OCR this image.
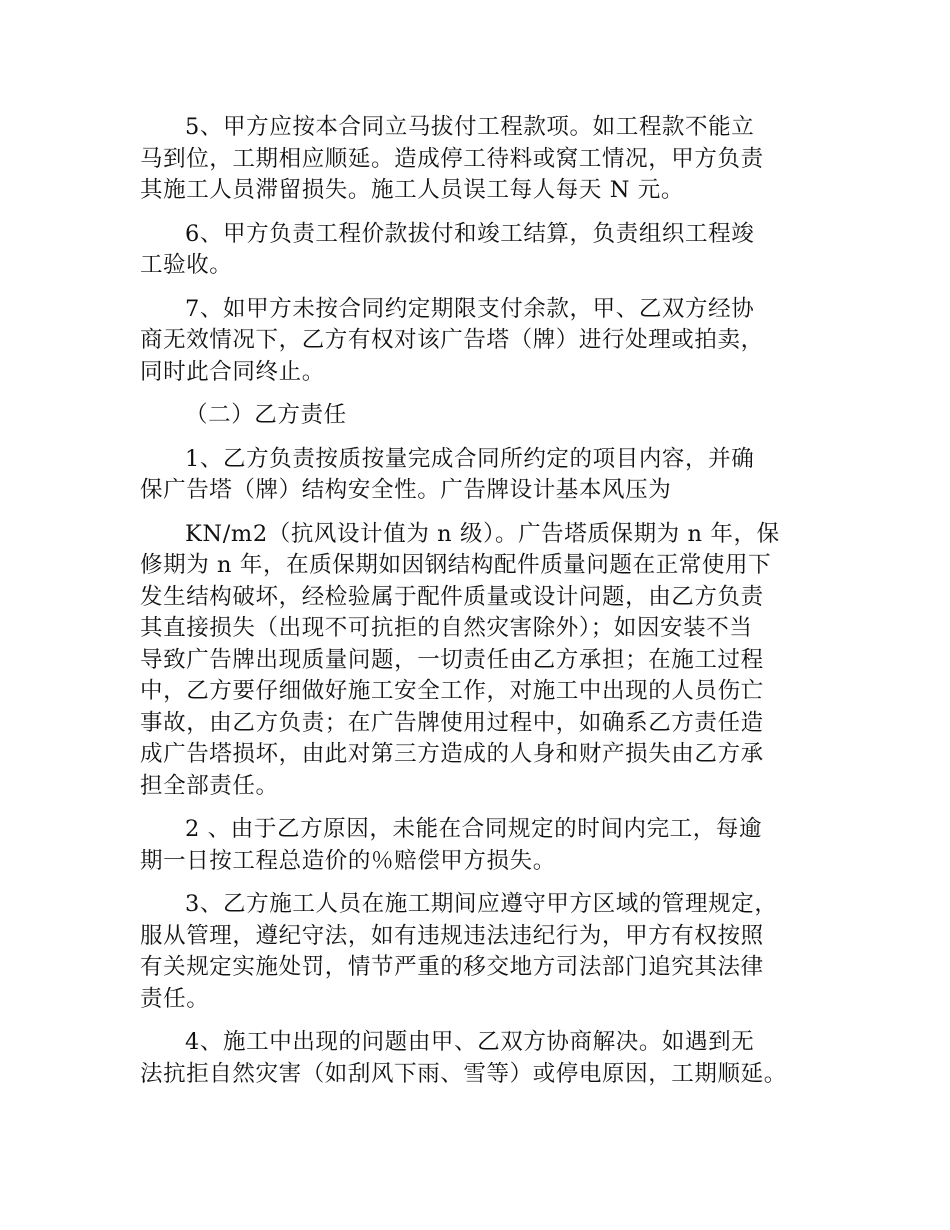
5、甲方应按本合同立马拔付工程款项。如工程款不能立
马到位，工期相应顺延。造成停工待料或窝工情况，甲方负责
其施工人员滞留损失。施工人员误工每人每天 N 元。
6、甲方负责工程价款拔付和竣工结算，负责组织工程竣
工验收。
7、如甲方未按合同约定期限支付余款，甲、乙双方经协
商无效情况下，乙方有权对该广告塔（牌）进行处理或拍卖，
同时此合同终止。
（二）乙方责任
1、乙方负责按质按量完成合同所约定的项目内容，并确
保广告塔（牌）结构安全性。广告牌设计基本风压为
KN/m2（抗风设计值为 n 级）。广告塔质保期为 n 年，保
修期为 n 年，在质保期如因钢结构配件质量问题在正常使用下
发生结构破坏，经检验属于配件质量或设计问题，由乙方负责
其直接损失（出现不可抗拒的自然灾害除外）；如因安装不当
导致广告牌出现质量问题，一切责任由乙方承担；在施工过程
中，乙方要仔细做好施工安全工作，对施工中出现的人员伤亡
事故，由乙方负责；在广告牌使用过程中，如确系乙方责任造
成广告塔损坏，由此对第三方造成的人身和财产损失由乙方承
担全部责任。
2 、由于乙方原因，未能在合同规定的时间内完工，每逾
期一日按工程总造价的％赔偿甲方损失。
3、乙方施工人员在施工期间应遵守甲方区域的管理规定，
服从管理，遵纪守法，如有违规违法违纪行为，甲方有权按照
有关规定实施处罚，情节严重的移交地方司法部门追究其法律
责任。
4、施工中出现的问题由甲、乙双方协商解决。如遇到无
法抗拒自然灾害（如刮风下雨、雪等）或停电原因，工期顺延。
